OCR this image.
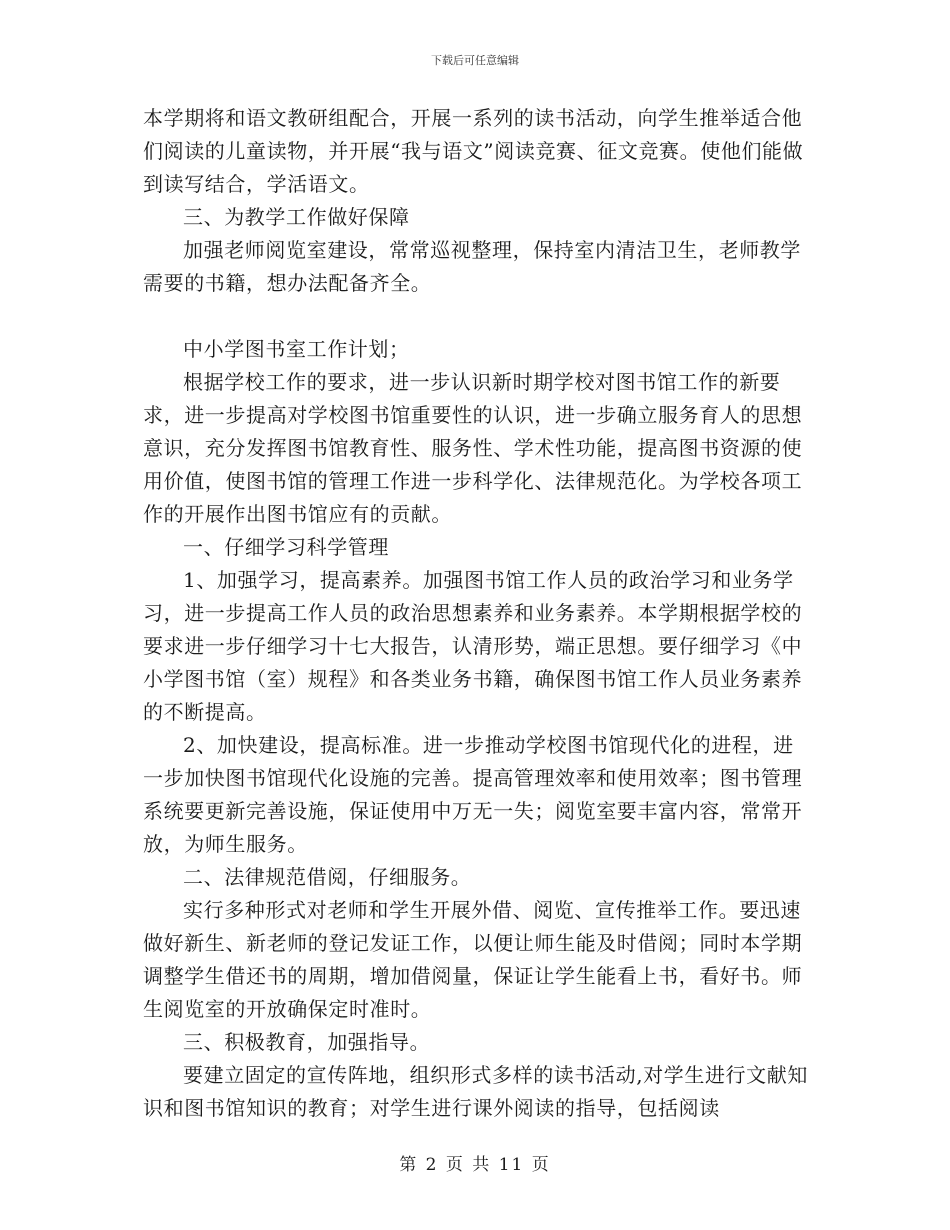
下载后可任意编辑

本学期将和语文教研组配合，开展一系列的读书活动，向学生推举适合他们阅读的儿童读物，并开展“我与语文”阅读竞赛、征文竞赛。使他们能做到读写结合，学活语文。

三、为教学工作做好保障

加强老师阅览室建设，常常巡视整理，保持室内清洁卫生，老师教学需要的书籍，想办法配备齐全。

中小学图书室工作计划；

根据学校工作的要求，进一步认识新时期学校对图书馆工作的新要求，进一步提高对学校图书馆重要性的认识，进一步确立服务育人的思想意识，充分发挥图书馆教育性、服务性、学术性功能，提高图书资源的使用价值，使图书馆的管理工作进一步科学化、法律规范化。为学校各项工作的开展作出图书馆应有的贡献。

一、仔细学习科学管理

1、加强学习，提高素养。加强图书馆工作人员的政治学习和业务学习，进一步提高工作人员的政治思想素养和业务素养。本学期根据学校的要求进一步仔细学习十七大报告，认清形势，端正思想。要仔细学习《中小学图书馆（室）规程》和各类业务书籍，确保图书馆工作人员业务素养的不断提高。

2、加快建设，提高标准。进一步推动学校图书馆现代化的进程，进一步加快图书馆现代化设施的完善。提高管理效率和使用效率；图书管理系统要更新完善设施，保证使用中万无一失；阅览室要丰富内容，常常开放，为师生服务。

二、法律规范借阅，仔细服务。

实行多种形式对老师和学生开展外借、阅览、宣传推举工作。要迅速做好新生、新老师的登记发证工作，以便让师生能及时借阅；同时本学期调整学生借还书的周期，增加借阅量，保证让学生能看上书，看好书。师生阅览室的开放确保定时准时。

三、积极教育，加强指导。

要建立固定的宣传阵地，组织形式多样的读书活动,对学生进行文献知识和图书馆知识的教育；对学生进行课外阅读的指导，包括阅读

第 2 页 共 11 页
